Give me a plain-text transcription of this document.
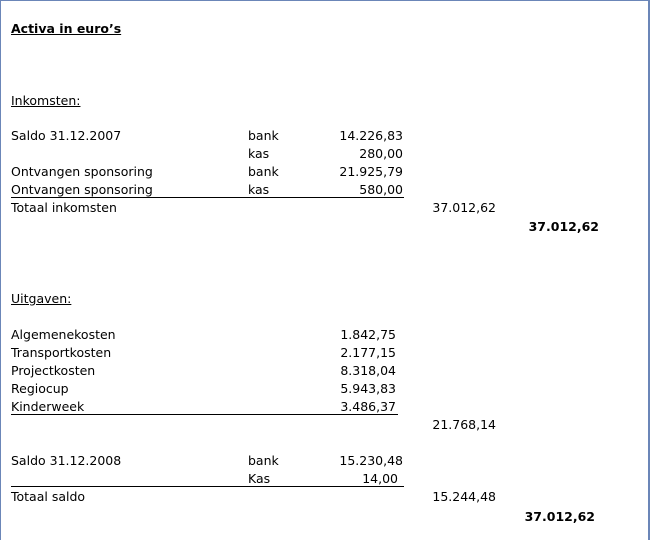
Activa in euro’s
Inkomsten:
Saldo 31.12.2007	bank	14.226,83
kas	280,00
Ontvangen sponsoring	bank	21.925,79
Ontvangen sponsoring	kas	580,00
Totaal inkomsten	37.012,62
37.012,62
Uitgaven:
Algemenekosten	1.842,75
Transportkosten	2.177,15
Projectkosten	8.318,04
Regiocup	5.943,83
Kinderweek	3.486,37
21.768,14
Saldo 31.12.2008	bank	15.230,48
Kas	14,00
Totaal saldo	15.244,48
37.012,62
